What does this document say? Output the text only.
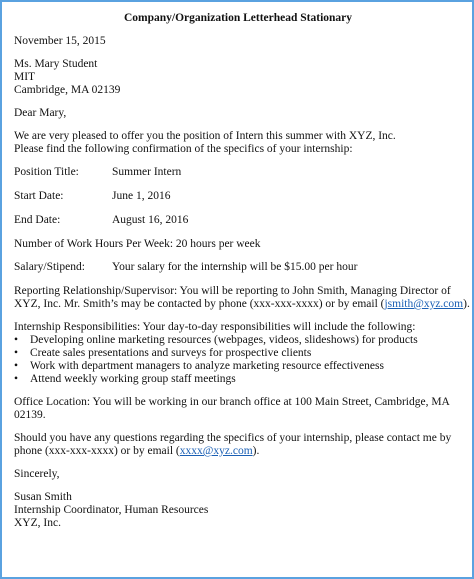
Company/Organization Letterhead Stationary
November 15, 2015
Ms. Mary Student
MIT
Cambridge, MA 02139
Dear Mary,
We are very pleased to offer you the position of Intern this summer with XYZ, Inc.
Please find the following confirmation of the specifics of your internship:
Position Title:	Summer Intern
Start Date:	June 1, 2016
End Date:	August 16, 2016
Number of Work Hours Per Week: 20 hours per week
Salary/Stipend:	Your salary for the internship will be $15.00 per hour
Reporting Relationship/Supervisor: You will be reporting to John Smith, Managing Director of
XYZ, Inc. Mr. Smith’s may be contacted by phone (xxx-xxx-xxxx) or by email (jsmith@xyz.com).
Internship Responsibilities: Your day-to-day responsibilities will include the following:
•	Developing online marketing resources (webpages, videos, slideshows) for products
•	Create sales presentations and surveys for prospective clients
•	Work with department managers to analyze marketing resource effectiveness
•	Attend weekly working group staff meetings
Office Location: You will be working in our branch office at 100 Main Street, Cambridge, MA
02139.
Should you have any questions regarding the specifics of your internship, please contact me by
phone (xxx-xxx-xxxx) or by email (xxxx@xyz.com).
Sincerely,
Susan Smith
Internship Coordinator, Human Resources
XYZ, Inc.
